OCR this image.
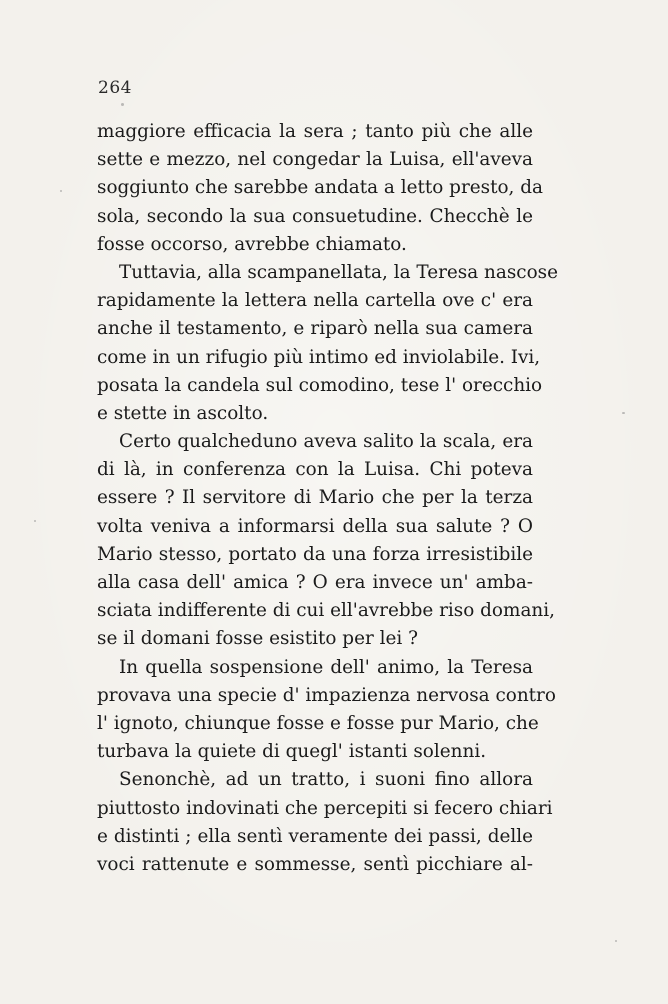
264

maggiore efficacia la sera ; tanto più che alle
sette e mezzo, nel congedar la Luisa, ell'aveva
soggiunto che sarebbe andata a letto presto, da
sola, secondo la sua consuetudine. Checchè le
fosse occorso, avrebbe chiamato.

Tuttavia, alla scampanellata, la Teresa nascose
rapidamente la lettera nella cartella ove c' era
anche il testamento, e riparò nella sua camera
come in un rifugio più intimo ed inviolabile. Ivi,
posata la candela sul comodino, tese l' orecchio
e stette in ascolto.

Certo qualcheduno aveva salito la scala, era
di là, in conferenza con la Luisa. Chi poteva
essere ? Il servitore di Mario che per la terza
volta veniva a informarsi della sua salute ? O
Mario stesso, portato da una forza irresistibile
alla casa dell' amica ? O era invece un' amba-
sciata indifferente di cui ell'avrebbe riso domani,
se il domani fosse esistito per lei ?

In quella sospensione dell' animo, la Teresa
provava una specie d' impazienza nervosa contro
l' ignoto, chiunque fosse e fosse pur Mario, che
turbava la quiete di quegl' istanti solenni.

Senonchè, ad un tratto, i suoni fino allora
piuttosto indovinati che percepiti si fecero chiari
e distinti ; ella sentì veramente dei passi, delle
voci rattenute e sommesse, sentì picchiare al-
